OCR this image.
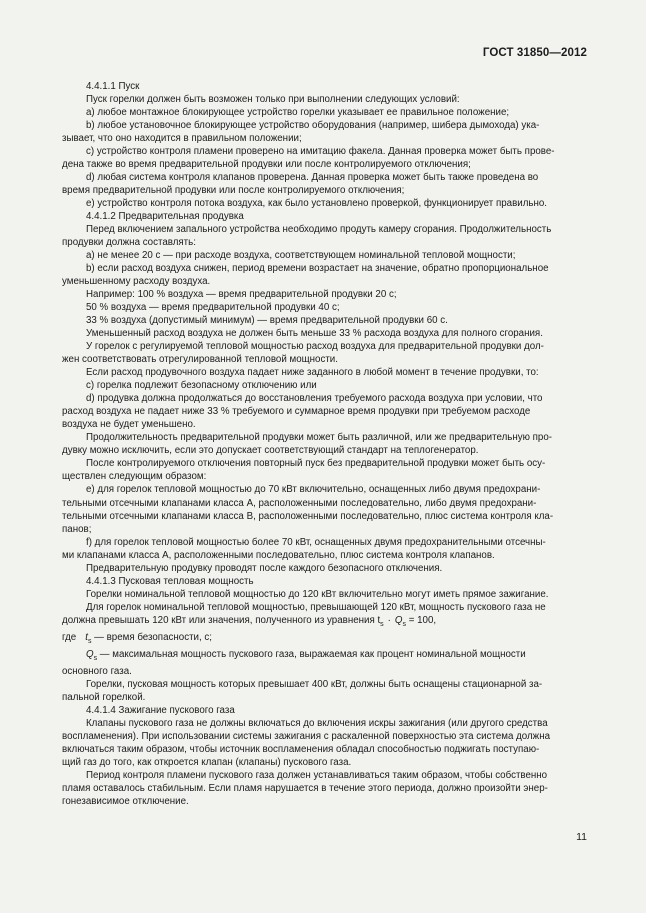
ГОСТ 31850—2012

4.4.1.1 Пуск

Пуск горелки должен быть возможен только при выполнении следующих условий:

а) любое монтажное блокирующее устройство горелки указывает ее правильное положение;

b) любое установочное блокирующее устройство оборудования (например, шибера дымохода) ука-
зывает, что оно находится в правильном положении;

с) устройство контроля пламени проверено на имитацию факела. Данная проверка может быть прове-
дена также во время предварительной продувки или после контролируемого отключения;

d) любая система контроля клапанов проверена. Данная проверка может быть также проведена во
время предварительной продувки или после контролируемого отключения;

е) устройство контроля потока воздуха, как было установлено проверкой, функционирует правильно.

4.4.1.2 Предварительная продувка

Перед включением запального устройства необходимо продуть камеру сгорания. Продолжительность
продувки должна составлять:

а) не менее 20 с — при расходе воздуха, соответствующем номинальной тепловой мощности;

b) если расход воздуха снижен, период времени возрастает на значение, обратно пропорциональное
уменьшенному расходу воздуха.

Например: 100 % воздуха — время предварительной продувки 20 с;

50 % воздуха — время предварительной продувки 40 с;

33 % воздуха (допустимый минимум) — время предварительной продувки 60 с.

Уменьшенный расход воздуха не должен быть меньше 33 % расхода воздуха для полного сгорания.

У горелок с регулируемой тепловой мощностью расход воздуха для предварительной продувки дол-
жен соответствовать отрегулированной тепловой мощности.

Если расход продувочного воздуха падает ниже заданного в любой момент в течение продувки, то:

с) горелка подлежит безопасному отключению или

d) продувка должна продолжаться до восстановления требуемого расхода воздуха при условии, что
расход воздуха не падает ниже 33 % требуемого и суммарное время продувки при требуемом расходе
воздуха не будет уменьшено.

Продолжительность предварительной продувки может быть различной, или же предварительную про-
дувку можно исключить, если это допускает соответствующий стандарт на теплогенератор.

После контролируемого отключения повторный пуск без предварительной продувки может быть осу-
ществлен следующим образом:

е) для горелок тепловой мощностью до 70 кВт включительно, оснащенных либо двумя предохрани-
тельными отсечными клапанами класса А, расположенными последовательно, либо двумя предохрани-
тельными отсечными клапанами класса В, расположенными последовательно, плюс система контроля кла-
панов;

f) для горелок тепловой мощностью более 70 кВт, оснащенных двумя предохранительными отсечны-
ми клапанами класса А, расположенными последовательно, плюс система контроля клапанов.

Предварительную продувку проводят после каждого безопасного отключения.

4.4.1.3 Пусковая тепловая мощность

Горелки номинальной тепловой мощностью до 120 кВт включительно могут иметь прямое зажигание.

Для горелок номинальной тепловой мощностью, превышающей 120 кВт, мощность пускового газа не
должна превышать 120 кВт или значения, полученного из уравнения $t_s \cdot Q_s = 100$,

где $t_s$ — время безопасности, с;

$Q_s$ — максимальная мощность пускового газа, выражаемая как процент номинальной мощности
основного газа.

Горелки, пусковая мощность которых превышает 400 кВт, должны быть оснащены стационарной за-
пальной горелкой.

4.4.1.4 Зажигание пускового газа

Клапаны пускового газа не должны включаться до включения искры зажигания (или другого средства
воспламенения). При использовании системы зажигания с раскаленной поверхностью эта система должна
включаться таким образом, чтобы источник воспламенения обладал способностью поджигать поступаю-
щий газ до того, как откроется клапан (клапаны) пускового газа.

Период контроля пламени пускового газа должен устанавливаться таким образом, чтобы собственно
пламя оставалось стабильным. Если пламя нарушается в течение этого периода, должно произойти энер-
гонезависимое отключение.

11
